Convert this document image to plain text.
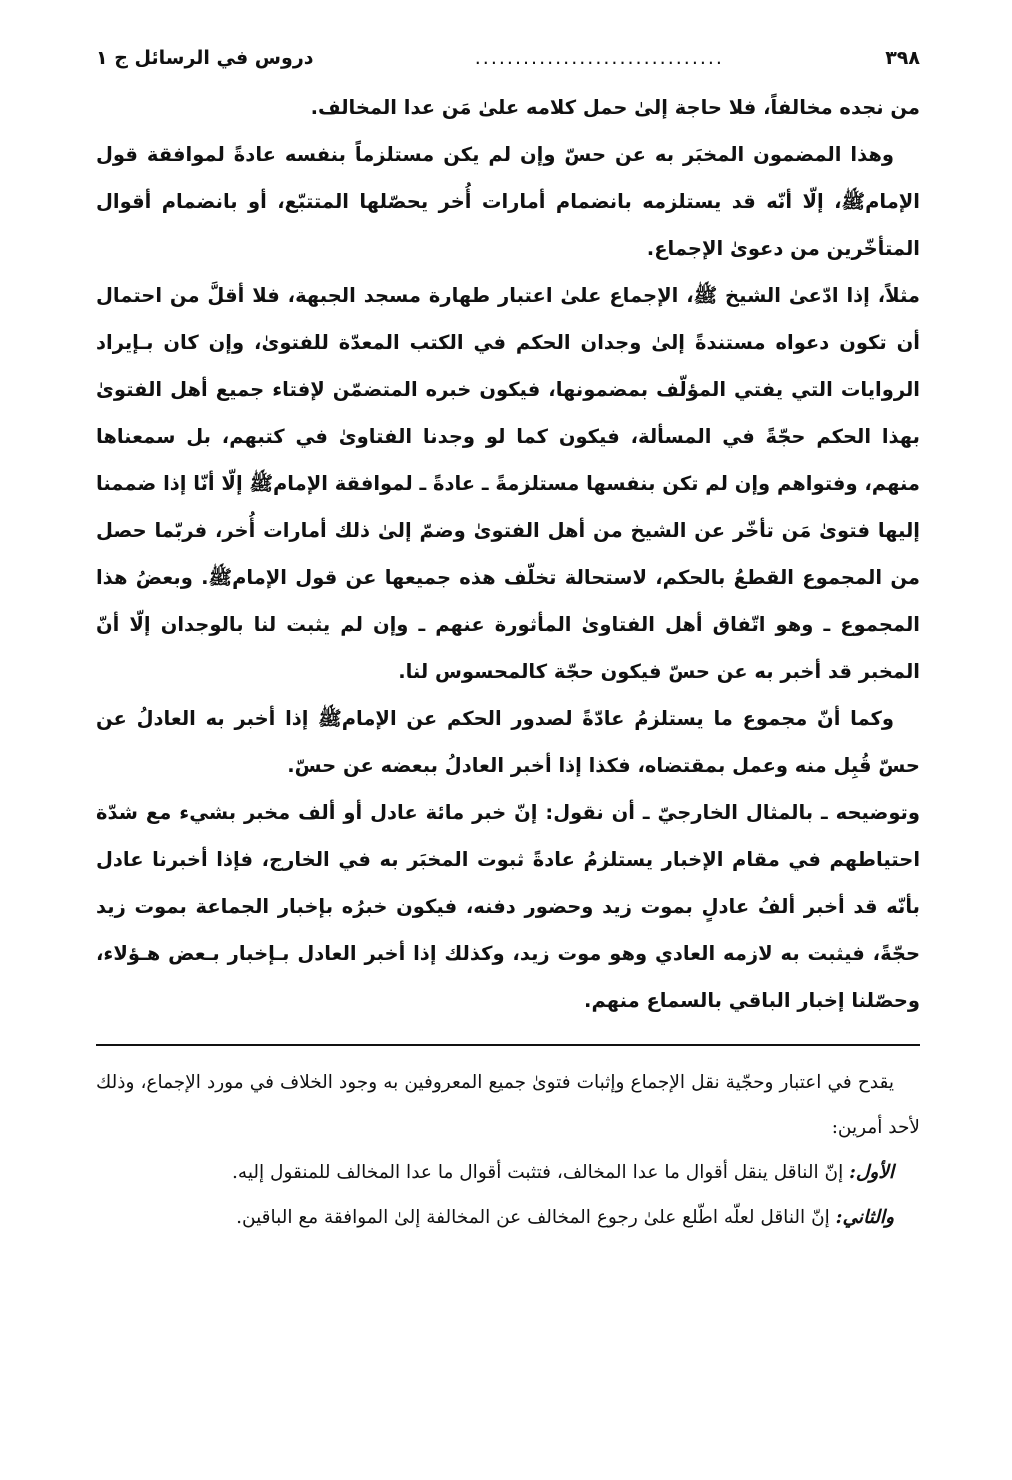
٣٩٨
...............................
دروس في الرسائل ج ١

من نجده مخالفاً، فلا حاجة إلىٰ حمل كلامه علىٰ مَن عدا المخالف.

وهذا المضمون المخبَر به عن حسّ وإن لم يكن مستلزماً بنفسه عادةً لموافقة قول الإمامﷺ، إلّا أنّه قد يستلزمه بانضمام أمارات أُخر يحصّلها المتتبّع، أو بانضمام أقوال المتأخّرين من دعوىٰ الإجماع.

مثلاً، إذا ادّعىٰ الشيخ ﷺ، الإجماع علىٰ اعتبار طهارة مسجد الجبهة، فلا أقلَّ من احتمال أن تكون دعواه مستندةً إلىٰ وجدان الحكم في الكتب المعدّة للفتوىٰ، وإن كان بـإيراد الروايات التي يفتي المؤلّف بمضمونها، فيكون خبره المتضمّن لإفتاء جميع أهل الفتوىٰ بهذا الحكم حجّةً في المسألة، فيكون كما لو وجدنا الفتاوىٰ في كتبهم، بل سمعناها منهم، وفتواهم وإن لم تكن بنفسها مستلزمةً ـ عادةً ـ لموافقة الإمامﷺ إلّا أنّا إذا ضممنا إليها فتوىٰ مَن تأخّر عن الشيخ من أهل الفتوىٰ وضمّ إلىٰ ذلك أمارات أُخر، فربّما حصل من المجموع القطعُ بالحكم، لاستحالة تخلّف هذه جميعها عن قول الإمامﷺ. وبعضُ هذا المجموع ـ وهو اتّفاق أهل الفتاوىٰ المأثورة عنهم ـ وإن لم يثبت لنا بالوجدان إلّا أنّ المخبر قد أخبر به عن حسّ فيكون حجّة كالمحسوس لنا.

وكما أنّ مجموع ما يستلزمُ عادّةً لصدور الحكم عن الإمامﷺ إذا أخبر به العادلُ عن حسّ قُبِل منه وعمل بمقتضاه، فكذا إذا أخبر العادلُ ببعضه عن حسّ.

وتوضيحه ـ بالمثال الخارجيّ ـ أن نقول: إنّ خبر مائة عادل أو ألف مخبر بشيء مع شدّة احتياطهم في مقام الإخبار يستلزمُ عادةً ثبوت المخبَر به في الخارج، فإذا أخبرنا عادل بأنّه قد أخبر ألفُ عادلٍ بموت زيد وحضور دفنه، فيكون خبرُه بإخبار الجماعة بموت زيد حجّةً، فيثبت به لازمه العادي وهو موت زيد، وكذلك إذا أخبر العادل بـإخبار بـعض هـؤلاء، وحصّلنا إخبار الباقي بالسماع منهم.

يقدح في اعتبار وحجّية نقل الإجماع وإثبات فتوىٰ جميع المعروفين به وجود الخلاف في مورد الإجماع، وذلك لأحد أمرين:

الأول: إنّ الناقل ينقل أقوال ما عدا المخالف، فتثبت أقوال ما عدا المخالف للمنقول إليه.

والثاني: إنّ الناقل لعلّه اطّلع علىٰ رجوع المخالف عن المخالفة إلىٰ الموافقة مع الباقين.
